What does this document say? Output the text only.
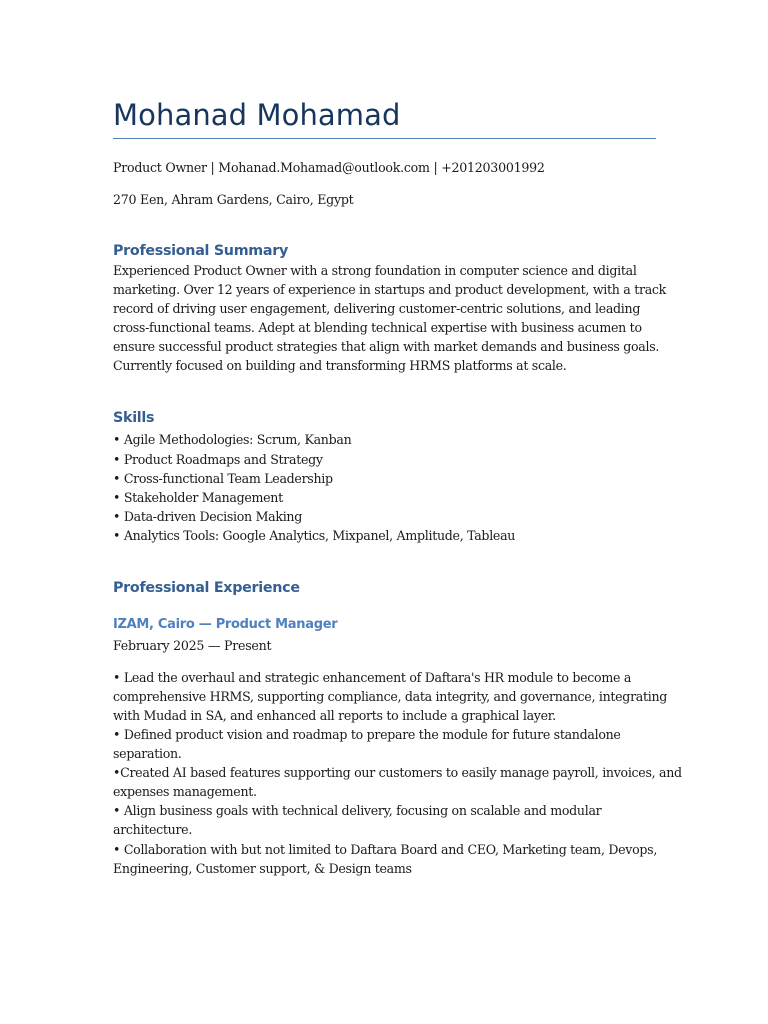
Mohanad Mohamad
Product Owner | Mohanad.Mohamad@outlook.com | +201203001992
270 Een, Ahram Gardens, Cairo, Egypt
Professional Summary
Experienced Product Owner with a strong foundation in computer science and digital
marketing. Over 12 years of experience in startups and product development, with a track
record of driving user engagement, delivering customer-centric solutions, and leading
cross-functional teams. Adept at blending technical expertise with business acumen to
ensure successful product strategies that align with market demands and business goals.
Currently focused on building and transforming HRMS platforms at scale.
Skills
• Agile Methodologies: Scrum, Kanban
• Product Roadmaps and Strategy
• Cross-functional Team Leadership
• Stakeholder Management
• Data-driven Decision Making
• Analytics Tools: Google Analytics, Mixpanel, Amplitude, Tableau
Professional Experience
IZAM, Cairo — Product Manager
February 2025 — Present
• Lead the overhaul and strategic enhancement of Daftara's HR module to become a
comprehensive HRMS, supporting compliance, data integrity, and governance, integrating
with Mudad in SA, and enhanced all reports to include a graphical layer.
• Defined product vision and roadmap to prepare the module for future standalone
separation.
•Created AI based features supporting our customers to easily manage payroll, invoices, and
expenses management.
• Align business goals with technical delivery, focusing on scalable and modular
architecture.
• Collaboration with but not limited to Daftara Board and CEO, Marketing team, Devops,
Engineering, Customer support, & Design teams
